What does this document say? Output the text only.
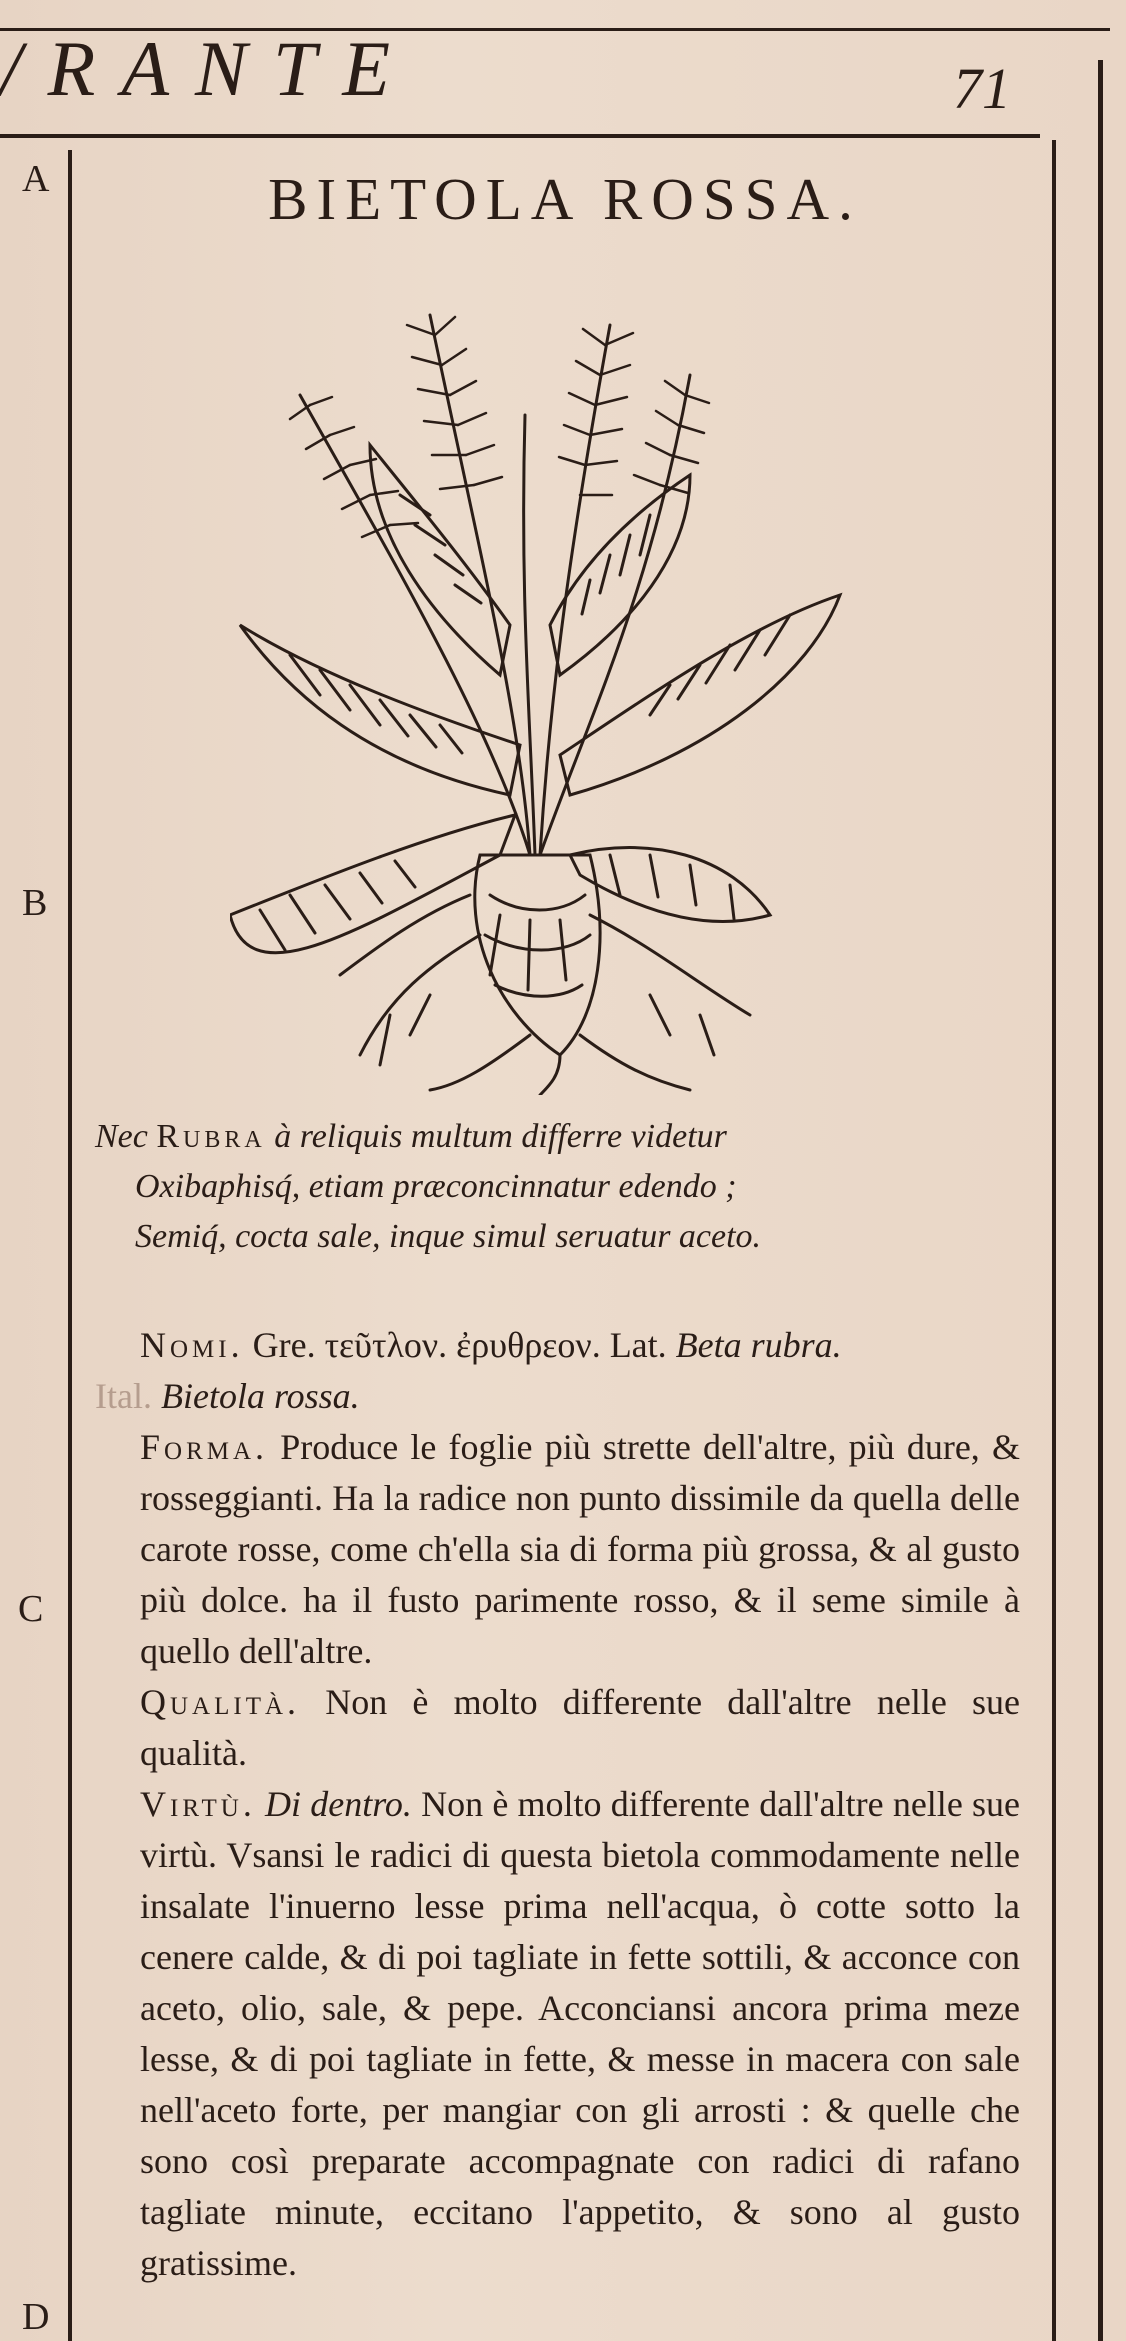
/RANTE	71
BIETOLA ROSSA.
A
B
C
D
Nec Rubra à reliquis multum differre videtur
Oxibaphisq́, etiam præconcinnatur edendo ;
Semiq́, cocta sale, inque simul seruatur aceto.

Nomi. Gre. τεῦτλον. ἐρυθρεον. Lat. Beta rubra.

Ital. Bietola rossa.

Forma. Produce le foglie più strette dell'altre, più dure, & rosseggianti. Ha la radice non punto dissimile da quella delle carote rosse, come ch'ella sia di forma più grossa, & al gusto più dolce. ha il fusto parimente rosso, & il seme simile à quello dell'altre.

Qualità. Non è molto differente dall'altre nelle sue qualità.

Virtù. Di dentro. Non è molto differente dall'altre nelle sue virtù. Vsansi le radici di questa bietola commodamente nelle insalate l'inuerno lesse prima nell'acqua, ò cotte sotto la cenere calde, & di poi tagliate in fette sottili, & acconce con aceto, olio, sale, & pepe. Acconciansi ancora prima meze lesse, & di poi tagliate in fette, & messe in macera con sale nell'aceto forte, per mangiar con gli arrosti : & quelle che sono così preparate accompagnate con radici di rafano tagliate minute, eccitano l'appetito, & sono al gusto gratissime.
